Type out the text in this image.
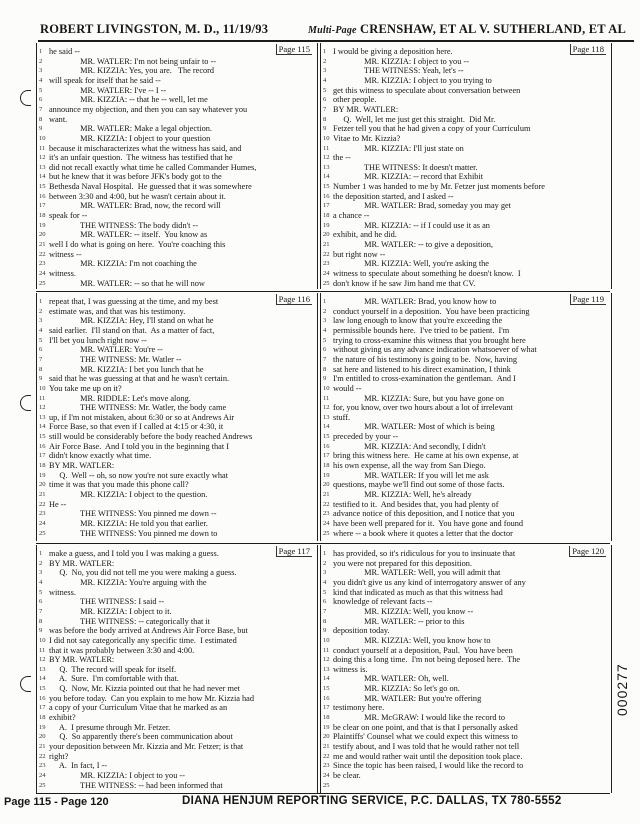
ROBERT LIVINGSTON, M. D., 11/19/93	Multi-Page CRENSHAW, ET AL V. SUTHERLAND, ET AL
Page 115
1 he said --
2 MR. WATLER: I'm not being unfair to --
3 MR. KIZZIA: Yes, you are.   The record
4 will speak for itself that he said --
5 MR. WATLER: I've -- I --
6 MR. KIZZIA: -- that he -- well, let me
7 announce my objection, and then you can say whatever you
8 want.
9 MR. WATLER: Make a legal objection.
10 MR. KIZZIA: I object to your question
11 because it mischaracterizes what the witness has said, and
12 it's an unfair question.  The witness has testified that he
13 did not recall exactly what time he called Commander Humes,
14 but he knew that it was before JFK's body got to the
15 Bethesda Naval Hospital.  He guessed that it was somewhere
16 between 3:30 and 4:00, but he wasn't certain about it.
17 MR. WATLER: Brad, now, the record will
18 speak for --
19 THE WITNESS: The body didn't --
20 MR. WATLER: -- itself.  You know as
21 well I do what is going on here.  You're coaching this
22 witness --
23 MR. KIZZIA: I'm not coaching the
24 witness.
25 MR. WATLER: -- so that he will now
Page 118
1 I would be giving a deposition here.
2 MR. KIZZIA: I object to you --
3 THE WITNESS: Yeah, let's --
4 MR. KIZZIA: I object to you trying to
5 get this witness to speculate about conversation between
6 other people.
7 BY MR. WATLER:
8 Q.  Well, let me just get this straight.  Did Mr.
9 Fetzer tell you that he had given a copy of your Curriculum
10 Vitae to Mr. Kizzia?
11 MR. KIZZIA: I'll just state on
12 the --
13 THE WITNESS: It doesn't matter.
14 MR. KIZZIA: -- record that Exhibit
15 Number 1 was handed to me by Mr. Fetzer just moments before
16 the deposition started, and I asked --
17 MR. WATLER: Brad, someday you may get
18 a chance --
19 MR. KIZZIA: -- if I could use it as an
20 exhibit, and he did.
21 MR. WATLER: -- to give a deposition,
22 but right now --
23 MR. KIZZIA: Well, you're asking the
24 witness to speculate about something he doesn't know.  I
25 don't know if he saw Jim hand me that CV.
Page 116
1 repeat that, I was guessing at the time, and my best
2 estimate was, and that was his testimony.
3 MR. KIZZIA: Hey, I'll stand on what he
4 said earlier.  I'll stand on that.  As a matter of fact,
5 I'll bet you lunch right now --
6 MR. WATLER: You're --
7 THE WITNESS: Mr. Watler --
8 MR. KIZZIA: I bet you lunch that he
9 said that he was guessing at that and he wasn't certain.
10 You take me up on it?
11 MR. RIDDLE: Let's move along.
12 THE WITNESS: Mr. Watler, the body came
13 up, if I'm not mistaken, about 6:30 or so at Andrews Air
14 Force Base, so that even if I called at 4:15 or 4:30, it
15 still would be considerably before the body reached Andrews
16 Air Force Base.  And I told you in the beginning that I
17 didn't know exactly what time.
18 BY MR. WATLER:
19 Q.  Well -- oh, so now you're not sure exactly what
20 time it was that you made this phone call?
21 MR. KIZZIA: I object to the question.
22 He --
23 THE WITNESS: You pinned me down --
24 MR. KIZZIA: He told you that earlier.
25 THE WITNESS: You pinned me down to
Page 119
1 MR. WATLER: Brad, you know how to
2 conduct yourself in a deposition.  You have been practicing
3 law long enough to know that you're exceeding the
4 permissible bounds here.  I've tried to be patient.  I'm
5 trying to cross-examine this witness that you brought here
6 without giving us any advance indication whatsoever of what
7 the nature of his testimony is going to be.  Now, having
8 sat here and listened to his direct examination, I think
9 I'm entitled to cross-examination the gentleman.  And I
10 would --
11 MR. KIZZIA: Sure, but you have gone on
12 for, you know, over two hours about a lot of irrelevant
13 stuff.
14 MR. WATLER: Most of which is being
15 preceded by your --
16 MR. KIZZIA: And secondly, I didn't
17 bring this witness here.  He came at his own expense, at
18 his own expense, all the way from San Diego.
19 MR. WATLER: If you will let me ask
20 questions, maybe we'll find out some of those facts.
21 MR. KIZZIA: Well, he's already
22 testified to it.  And besides that, you had plenty of
23 advance notice of this deposition, and I notice that you
24 have been well prepared for it.  You have gone and found
25 where -- a book where it quotes a letter that the doctor
Page 117
1 make a guess, and I told you I was making a guess.
2 BY MR. WATLER:
3 Q.  No, you did not tell me you were making a guess.
4 MR. KIZZIA: You're arguing with the
5 witness.
6 THE WITNESS: I said --
7 MR. KIZZIA: I object to it.
8 THE WITNESS: -- categorically that it
9 was before the body arrived at Andrews Air Force Base, but
10 I did not say categorically any specific time.  I estimated
11 that it was probably between 3:30 and 4:00.
12 BY MR. WATLER:
13 Q.  The record will speak for itself.
14 A.  Sure.  I'm comfortable with that.
15 Q.  Now, Mr. Kizzia pointed out that he had never met
16 you before today.  Can you explain to me how Mr. Kizzia had
17 a copy of your Curriculum Vitae that he marked as an
18 exhibit?
19 A.  I presume through Mr. Fetzer.
20 Q.  So apparently there's been communication about
21 your deposition between Mr. Kizzia and Mr. Fetzer; is that
22 right?
23 A.  In fact, I --
24 MR. KIZZIA: I object to you --
25 THE WITNESS: -- had been informed that
Page 120
1 has provided, so it's ridiculous for you to insinuate that
2 you were not prepared for this deposition.
3 MR. WATLER: Well, you will admit that
4 you didn't give us any kind of interrogatory answer of any
5 kind that indicated as much as that this witness had
6 knowledge of relevant facts --
7 MR. KIZZIA: Well, you know --
8 MR. WATLER: -- prior to this
9 deposition today.
10 MR. KIZZIA: Well, you know how to
11 conduct yourself at a deposition, Paul.  You have been
12 doing this a long time.  I'm not being deposed here.  The
13 witness is.
14 MR. WATLER: Oh, well.
15 MR. KIZZIA: So let's go on.
16 MR. WATLER: But you're offering
17 testimony here.
18 MR. McGRAW: I would like the record to
19 be clear on one point, and that is that I personally asked
20 Plaintiffs' Counsel what we could expect this witness to
21 testify about, and I was told that he would rather not tell
22 me and would rather wait until the deposition took place.
23 Since the topic has been raised, I would like the record to
24 be clear.
25
000277
Page 115 - Page 120	DIANA HENJUM REPORTING SERVICE, P.C. DALLAS, TX 780-5552
